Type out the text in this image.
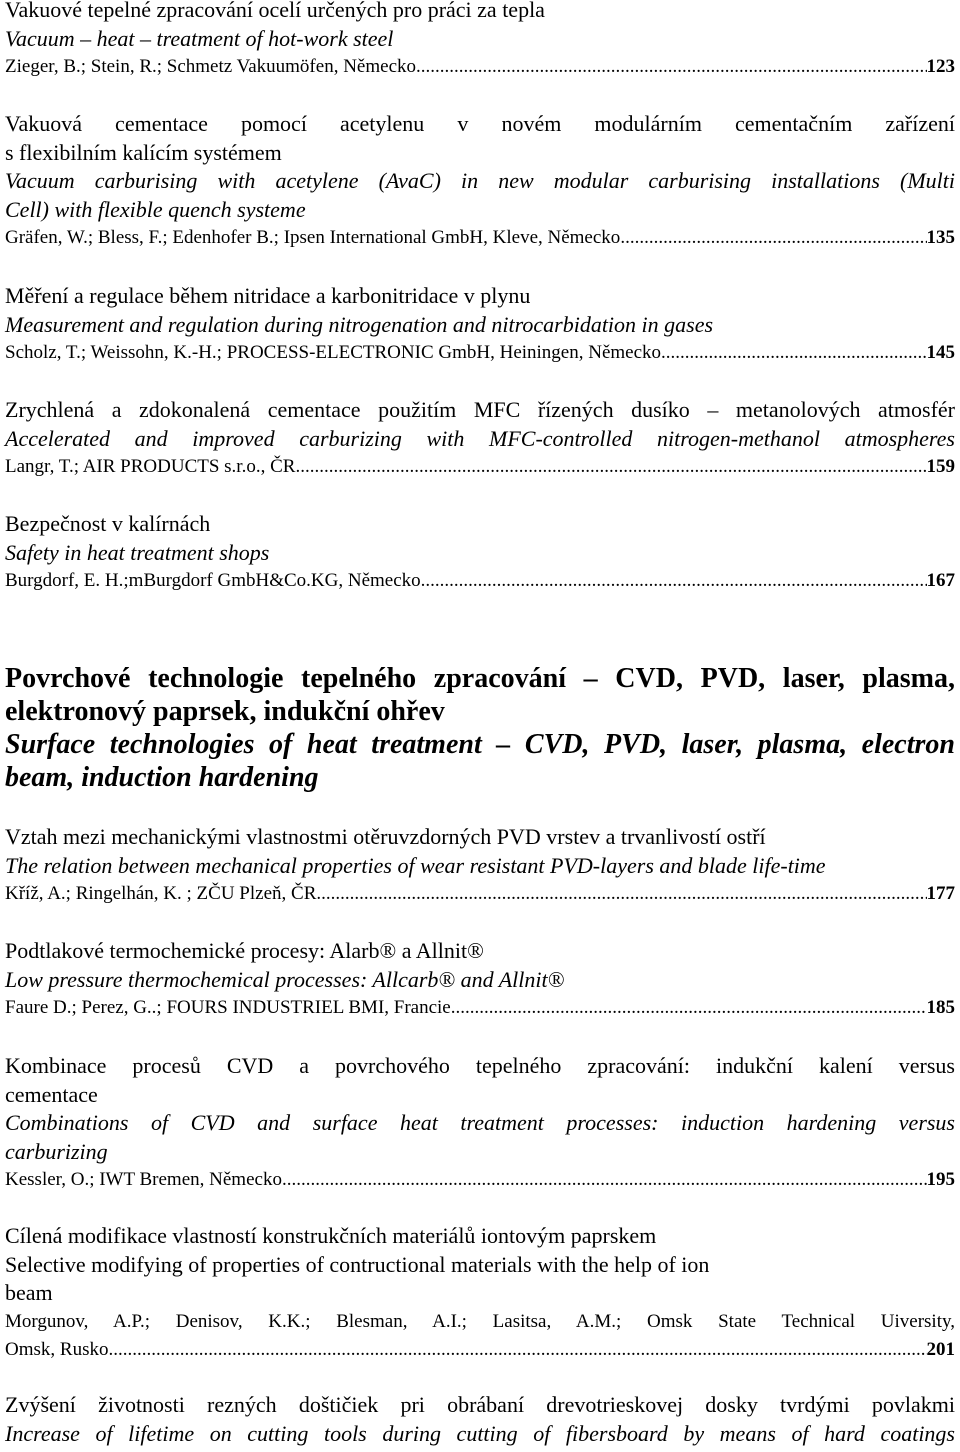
Vakuové tepelné zpracování ocelí určených pro práci za tepla
Vacuum – heat – treatment of hot-work steel
Zieger, B.; Stein, R.; Schmetz Vakuumöfen, Německo .....	123
Vakuová cementace pomocí acetylenu v novém modulárním cementačním zařízení
s flexibilním kalícím systémem
Vacuum carburising with acetylene (AvaC) in new modular carburising installations (Multi
Cell) with flexible quench systeme
Gräfen, W.; Bless, F.; Edenhofer B.; Ipsen International GmbH, Kleve, Německo .....	135
Měření a regulace během nitridace a karbonitridace v plynu
Measurement and regulation during nitrogenation and nitrocarbidation in gases
Scholz, T.; Weissohn, K.-H.; PROCESS-ELECTRONIC GmbH, Heiningen, Německo .....	145
Zrychlená a zdokonalená cementace použitím MFC řízených dusíko – metanolových atmosfér
Accelerated and improved carburizing with MFC-controlled nitrogen-methanol atmospheres
Langr, T.; AIR PRODUCTS s.r.o., ČR .....	159
Bezpečnost v kalírnách
Safety in heat treatment shops
Burgdorf, E. H.;mBurgdorf GmbH&Co.KG, Německo .....	167
Povrchové technologie tepelného zpracování – CVD, PVD, laser, plasma,
elektronový paprsek, indukční ohřev
Surface technologies of heat treatment – CVD, PVD, laser, plasma, electron
beam, induction hardening
Vztah mezi mechanickými vlastnostmi otěruvzdorných PVD vrstev a trvanlivostí ostří
The relation between mechanical properties of wear resistant PVD-layers and blade life-time
Kříž, A.; Ringelhán, K. ; ZČU Plzeň, ČR .....	177
Podtlakové termochemické procesy: Alarb® a Allnit®
Low pressure thermochemical processes: Allcarb® and Allnit®
Faure D.; Perez, G..; FOURS INDUSTRIEL BMI, Francie .....	185
Kombinace procesů CVD a povrchového tepelného zpracování: indukční kalení versus
cementace
Combinations of CVD and surface heat treatment processes: induction hardening versus
carburizing
Kessler, O.; IWT Bremen, Německo .....	195
Cílená modifikace vlastností konstrukčních materiálů iontovým paprskem
Selective modifying of properties of contructional materials with the help of ion
beam
Morgunov, A.P.; Denisov, K.K.; Blesman, A.I.; Lasitsa, A.M.; Omsk State Technical Uiversity,
Omsk, Rusko .....	201
Zvýšení životnosti rezných doštičiek pri obrábaní drevotrieskovej dosky tvrdými povlakmi
Increase of lifetime on cutting tools during cutting of fibersboard by means of hard coatings
